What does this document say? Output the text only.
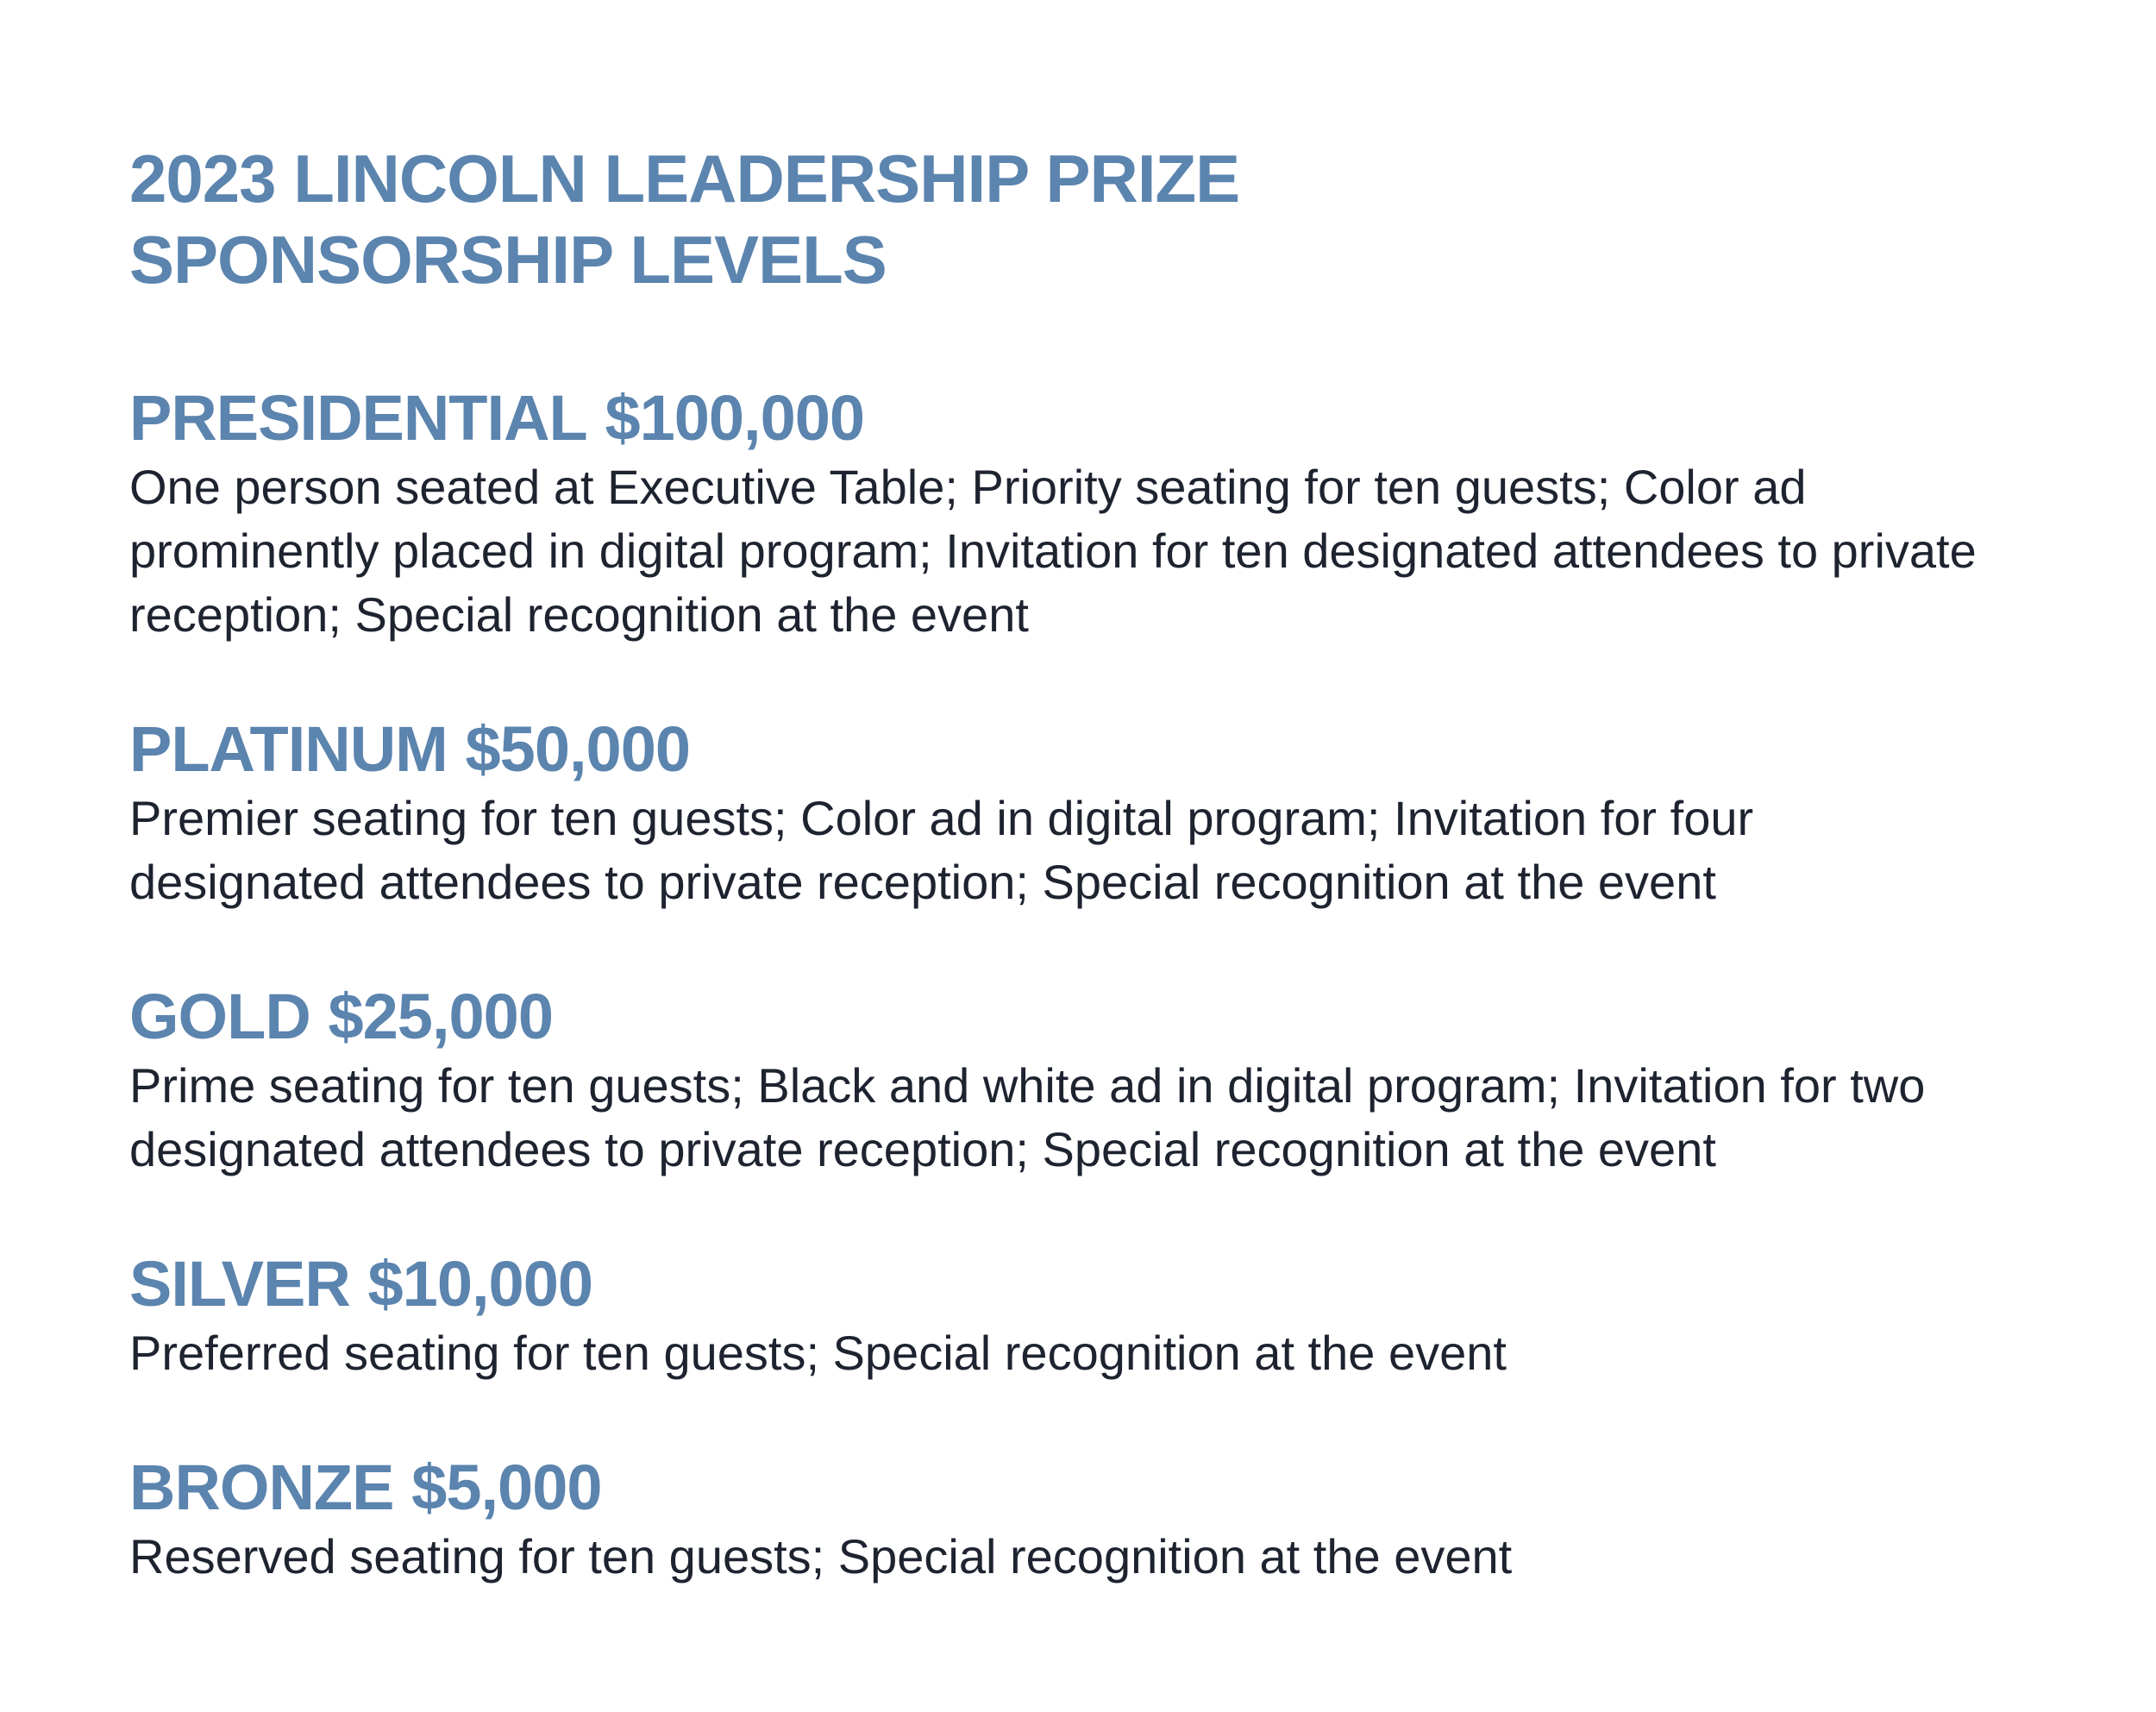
2023 LINCOLN LEADERSHIP PRIZE
SPONSORSHIP LEVELS
PRESIDENTIAL $100,000

One person seated at Executive Table; Priority seating for ten guests; Color ad prominently placed in digital program; Invitation for ten designated attendees to private reception; Special recognition at the event

PLATINUM $50,000

Premier seating for ten guests; Color ad in digital program; Invitation for four designated attendees to private reception; Special recognition at the event

GOLD $25,000

Prime seating for ten guests; Black and white ad in digital program; Invitation for two designated attendees to private reception; Special recognition at the event

SILVER $10,000

Preferred seating for ten guests; Special recognition at the event

BRONZE $5,000

Reserved seating for ten guests; Special recognition at the event
